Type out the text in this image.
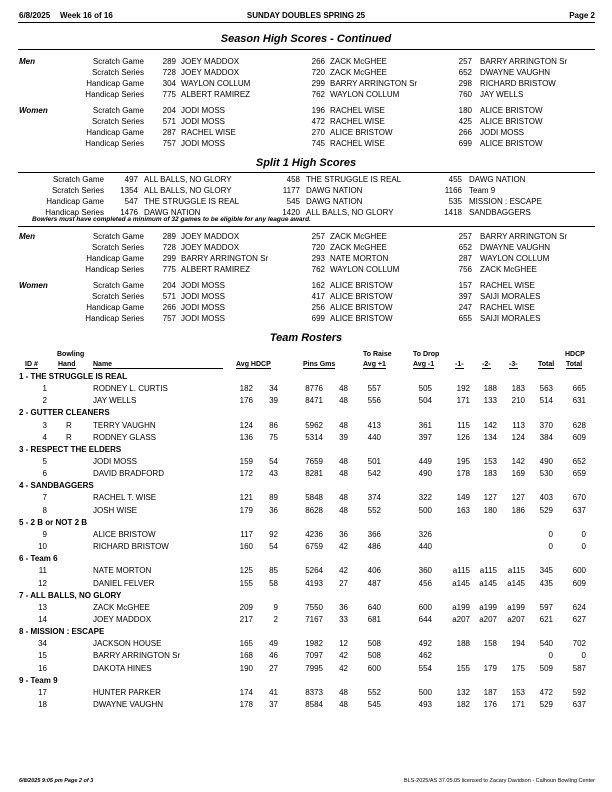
6/8/2025 Week 16 of 16	SUNDAY DOUBLES SPRING 25	Page 2
Season High Scores - Continued
Men	Scratch Game 289 JOEY MADDOX	266 ZACK McGHEE	257 BARRY ARRINGTON Sr
Scratch Series 728 JOEY MADDOX	720 ZACK McGHEE	652 DWAYNE VAUGHN
Handicap Game 304 WAYLON COLLUM	299 BARRY ARRINGTON Sr	298 RICHARD BRISTOW
Handicap Series 775 ALBERT RAMIREZ	762 WAYLON COLLUM	760 JAY WELLS
Women	Scratch Game 204 JODI MOSS	196 RACHEL WISE	180 ALICE BRISTOW
Scratch Series 571 JODI MOSS	472 RACHEL WISE	425 ALICE BRISTOW
Handicap Game 287 RACHEL WISE	270 ALICE BRISTOW	266 JODI MOSS
Handicap Series 757 JODI MOSS	745 RACHEL WISE	699 ALICE BRISTOW
Split 1 High Scores
Scratch Game	497 ALL BALLS, NO GLORY	458 THE STRUGGLE IS REAL	455 DAWG NATION
Scratch Series 1354 ALL BALLS, NO GLORY	1177 DAWG NATION	1166 Team 9
Handicap Game	547 THE STRUGGLE IS REAL	545 DAWG NATION	535 MISSION : ESCAPE
Handicap Series 1476 DAWG NATION	1420 ALL BALLS, NO GLORY	1418 SANDBAGGERS
Men	Scratch Game 289 JOEY MADDOX	257 ZACK McGHEE	257 BARRY ARRINGTON Sr
Scratch Series 728 JOEY MADDOX	720 ZACK McGHEE	652 DWAYNE VAUGHN
Handicap Game 299 BARRY ARRINGTON Sr	293 NATE MORTON	287 WAYLON COLLUM
Handicap Series 775 ALBERT RAMIREZ	762 WAYLON COLLUM	756 ZACK McGHEE
Women	Scratch Game 204 JODI MOSS	162 ALICE BRISTOW	157 RACHEL WISE
Scratch Series 571 JODI MOSS	417 ALICE BRISTOW	397 SAIJI MORALES
Handicap Game 266 JODI MOSS	256 ALICE BRISTOW	247 RACHEL WISE
Handicap Series 757 JODI MOSS	699 ALICE BRISTOW	655 SAIJI MORALES
Bowlers must have completed a minimum of 32 games to be eligible for any league award.
Team Rosters
Bowling	To Raise	To Drop	HDCP
ID #	Hand	Name	Avg HDCP	Pins Gms	Avg +1	Avg -1	-1-	-2-	-3-	Total Total
1 - THE STRUGGLE IS REAL
1	RODNEY L. CURTIS	182 34	8776 48 557	505	192 188 183 563 665
2	JAY WELLS	176 39	8471 48 556	504	171 133 210 514 631
2 - GUTTER CLEANERS
3 R	TERRY VAUGHN	124 86	5962 48 413	361	115 142 113 370 628
4 R	RODNEY GLASS	136 75	5314 39 440	397	126 134 124 384 609
3 - RESPECT THE ELDERS
5	JODI MOSS	159 54	7659 48 501	449	195 153 142 490 652
6	DAVID BRADFORD	172 43	8281 48 542	490	178 183 169 530 659
4 - SANDBAGGERS
7	RACHEL T. WISE	121 89	5848 48 374	322	149 127 127 403 670
8	JOSH WISE	179 36	8628 48 552	500	163 180 186 529 637
5 - 2 B or NOT 2 B
9	ALICE BRISTOW	117 92	4236 36 366	326	0	0
10	RICHARD BRISTOW	160 54	6759 42 486	440	0	0
6 - Team 6
11	NATE MORTON	125 85	5264 42 406	360	a115 a115 a115 345 600
12	DANIEL FELVER	155 58	4193 27 487	456	a145 a145 a145 435 609
7 - ALL BALLS, NO GLORY
13	ZACK McGHEE	209	9	7550 36 640	600	a199 a199 a199 597 624
14	JOEY MADDOX	217	2	7167 33 681	644	a207 a207 a207 621 627
8 - MISSION : ESCAPE
34	JACKSON HOUSE	165 49	1982 12 508	492	188 158 194 540 702
15	BARRY ARRINGTON Sr	168 46	7097 42 508	462	0	0
16	DAKOTA HINES	190 27	7995 42 600	554	155 179 175 509 587
9 - Team 9
17	HUNTER PARKER	174 41	8373 48 552	500	132 187 153 472 592
18	DWAYNE VAUGHN	178 37	8584 48 545	493	182 176 171 529 637
6/8/2025 9:05 pm Page 2 of 3	BLS-2025/AS 37.05.05 licensed to Zacary Davidson - Calhoun Bowling Center
